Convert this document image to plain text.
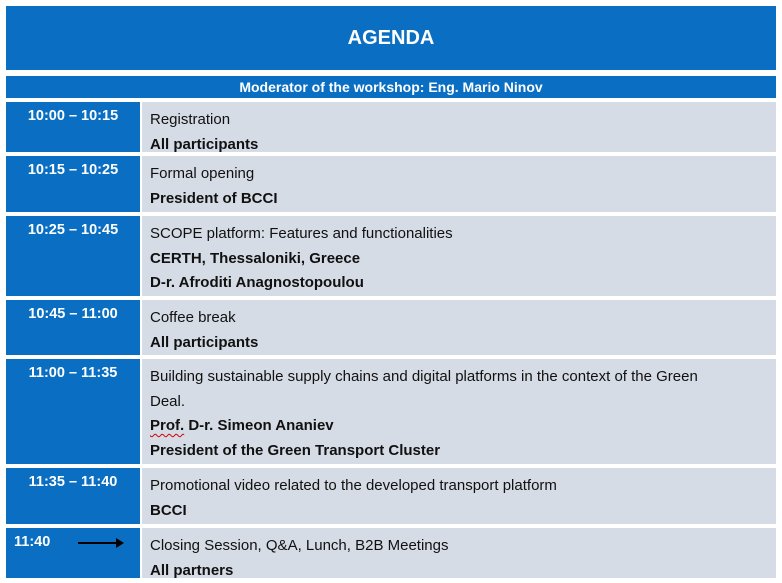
AGENDA
Moderator of the workshop: Eng. Mario Ninov
10:00 – 10:15	Registration
All participants
10:15 – 10:25	Formal opening
President of BCCI
10:25 – 10:45	SCOPE platform: Features and functionalities
CERTH, Thessaloniki, Greece
D-r. Afroditi Anagnostopoulou
10:45 – 11:00	Coffee break
All participants
11:00 – 11:35	Building sustainable supply chains and digital platforms in the context of the Green
Deal.
Prof. D-r. Simeon Ananiev
President of the Green Transport Cluster
11:35 – 11:40	Promotional video related to the developed transport platform
BCCI
11:40	Closing Session, Q&A, Lunch, B2B Meetings
All partners
